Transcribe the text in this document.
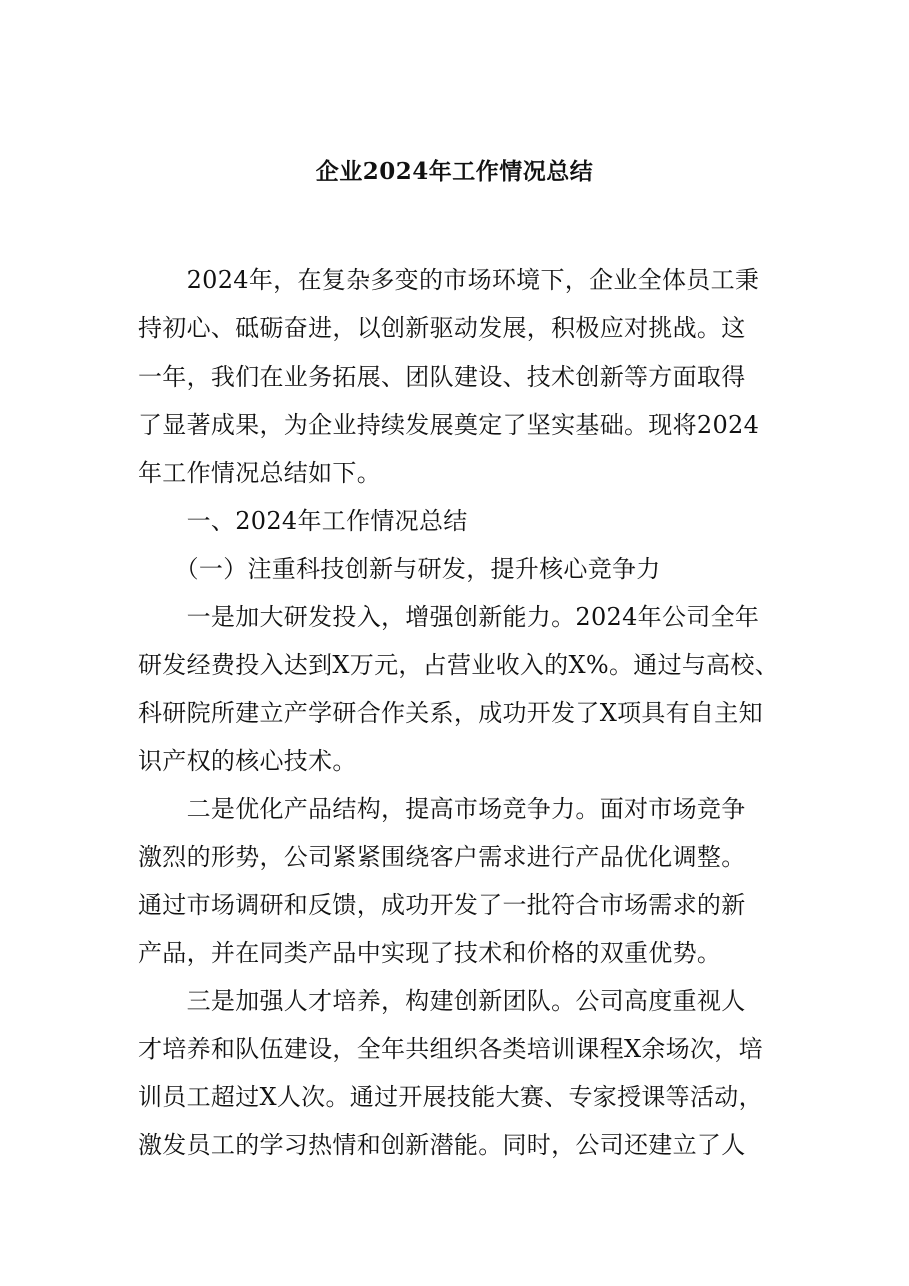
企业2024年工作情况总结
　　2024年，在复杂多变的市场环境下，企业全体员工秉
持初心、砥砺奋进，以创新驱动发展，积极应对挑战。这
一年，我们在业务拓展、团队建设、技术创新等方面取得
了显著成果，为企业持续发展奠定了坚实基础。现将2024
年工作情况总结如下。
　　一、2024年工作情况总结
　　（一）注重科技创新与研发，提升核心竞争力
　　一是加大研发投入，增强创新能力。2024年公司全年
研发经费投入达到X万元，占营业收入的X%。通过与高校、
科研院所建立产学研合作关系，成功开发了X项具有自主知
识产权的核心技术。
　　二是优化产品结构，提高市场竞争力。面对市场竞争
激烈的形势，公司紧紧围绕客户需求进行产品优化调整。
通过市场调研和反馈，成功开发了一批符合市场需求的新
产品，并在同类产品中实现了技术和价格的双重优势。
　　三是加强人才培养，构建创新团队。公司高度重视人
才培养和队伍建设，全年共组织各类培训课程X余场次，培
训员工超过X人次。通过开展技能大赛、专家授课等活动，
激发员工的学习热情和创新潜能。同时，公司还建立了人
